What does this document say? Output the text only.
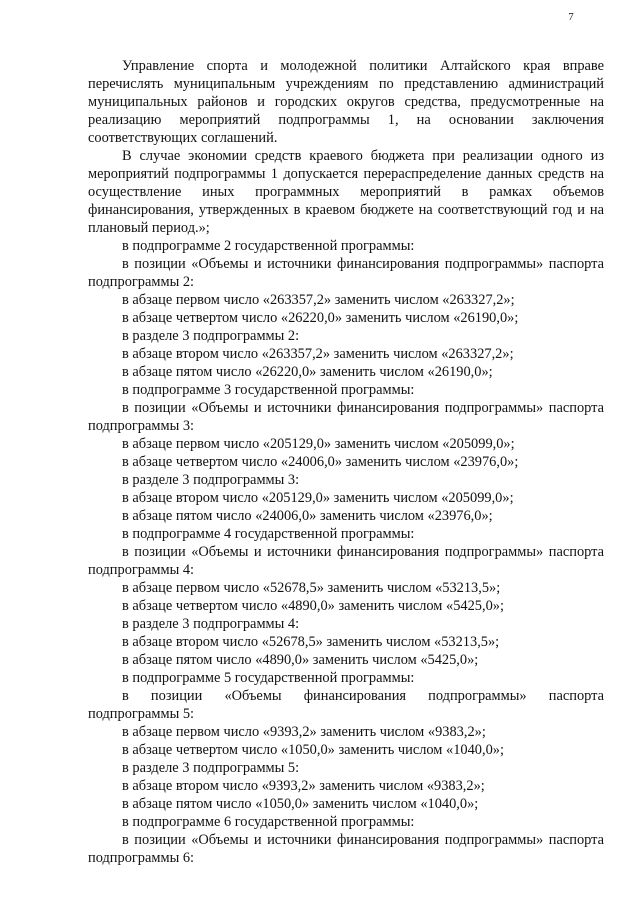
7

Управление спорта и молодежной политики Алтайского края вправе перечислять муниципальным учреждениям по представлению администраций муниципальных районов и городских округов средства, предусмотренные на реализацию мероприятий подпрограммы 1, на основании заключения соответствующих соглашений.

В случае экономии средств краевого бюджета при реализации одного из мероприятий подпрограммы 1 допускается перераспределение данных средств на осуществление иных программных мероприятий в рамках объемов финансирования, утвержденных в краевом бюджете на соответствующий год и на плановый период.»;

в подпрограмме 2 государственной программы:

в позиции «Объемы и источники финансирования подпрограммы» паспорта подпрограммы 2:

в абзаце первом число «263357,2» заменить числом «263327,2»;

в абзаце четвертом число «26220,0» заменить числом «26190,0»;

в разделе 3 подпрограммы 2:

в абзаце втором число «263357,2» заменить числом «263327,2»;

в абзаце пятом число «26220,0» заменить числом «26190,0»;

в подпрограмме 3 государственной программы:

в позиции «Объемы и источники финансирования подпрограммы» паспорта подпрограммы 3:

в абзаце первом число «205129,0» заменить числом «205099,0»;

в абзаце четвертом число «24006,0» заменить числом «23976,0»;

в разделе 3 подпрограммы 3:

в абзаце втором число «205129,0» заменить числом «205099,0»;

в абзаце пятом число «24006,0» заменить числом «23976,0»;

в подпрограмме 4 государственной программы:

в позиции «Объемы и источники финансирования подпрограммы» паспорта подпрограммы 4:

в абзаце первом число «52678,5» заменить числом «53213,5»;

в абзаце четвертом число «4890,0» заменить числом «5425,0»;

в разделе 3 подпрограммы 4:

в абзаце втором число «52678,5» заменить числом «53213,5»;

в абзаце пятом число «4890,0» заменить числом «5425,0»;

в подпрограмме 5 государственной программы:

в позиции «Объемы финансирования подпрограммы» паспорта подпрограммы 5:

в абзаце первом число «9393,2» заменить числом «9383,2»;

в абзаце четвертом число «1050,0» заменить числом «1040,0»;

в разделе 3 подпрограммы 5:

в абзаце втором число «9393,2» заменить числом «9383,2»;

в абзаце пятом число «1050,0» заменить числом «1040,0»;

в подпрограмме 6 государственной программы:

в позиции «Объемы и источники финансирования подпрограммы» паспорта подпрограммы 6:
